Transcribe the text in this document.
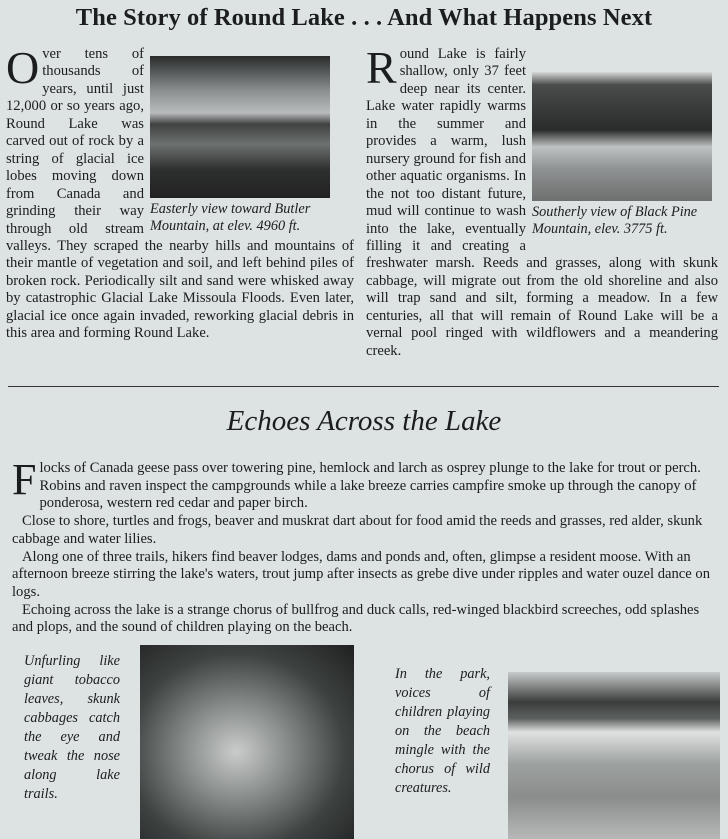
The Story of Round Lake . . . And What Happens Next
Easterly view toward Butler Mountain, at elev. 4960 ft.
O ver tens of thousands of years, until just 12,000 or so years ago, Round Lake was carved out of rock by a string of glacial ice lobes moving down from Canada and grinding their way through old stream valleys. They scraped the nearby hills and mountains of their mantle of vegetation and soil, and left behind piles of broken rock. Periodically silt and sand were whisked away by catastrophic Glacial Lake Missoula Floods. Even later, glacial ice once again invaded, reworking glacial debris in this area and forming Round Lake.
Southerly view of Black Pine Mountain, elev. 3775 ft.
R ound Lake is fairly shallow, only 37 feet deep near its center. Lake water rapidly warms in the summer and provides a warm, lush nursery ground for fish and other aquatic organisms. In the not too distant future, mud will continue to wash into the lake, eventually filling it and creating a freshwater marsh. Reeds and grasses, along with skunk cabbage, will migrate out from the old shoreline and also will trap sand and silt, forming a meadow. In a few centuries, all that will remain of Round Lake will be a vernal pool ringed with wildflowers and a meandering creek.
Echoes Across the Lake

Flocks of Canada geese pass over towering pine, hemlock and larch as osprey plunge to the lake for trout or perch. Robins and raven inspect the campgrounds while a lake breeze carries campfire smoke up through the canopy of ponderosa, western red cedar and paper birch.

Close to shore, turtles and frogs, beaver and muskrat dart about for food amid the reeds and grasses, red alder, skunk cabbage and water lilies.

Along one of three trails, hikers find beaver lodges, dams and ponds and, often, glimpse a resident moose. With an afternoon breeze stirring the lake's waters, trout jump after insects as grebe dive under ripples and water ouzel dance on logs.

Echoing across the lake is a strange chorus of bullfrog and duck calls, red-winged blackbird screeches, odd splashes and plops, and the sound of children playing on the beach.

Unfurling like giant tobacco leaves, skunk cabbages catch the eye and tweak the nose along lake trails.
In the park, voices of children playing on the beach mingle with the chorus of wild creatures.
